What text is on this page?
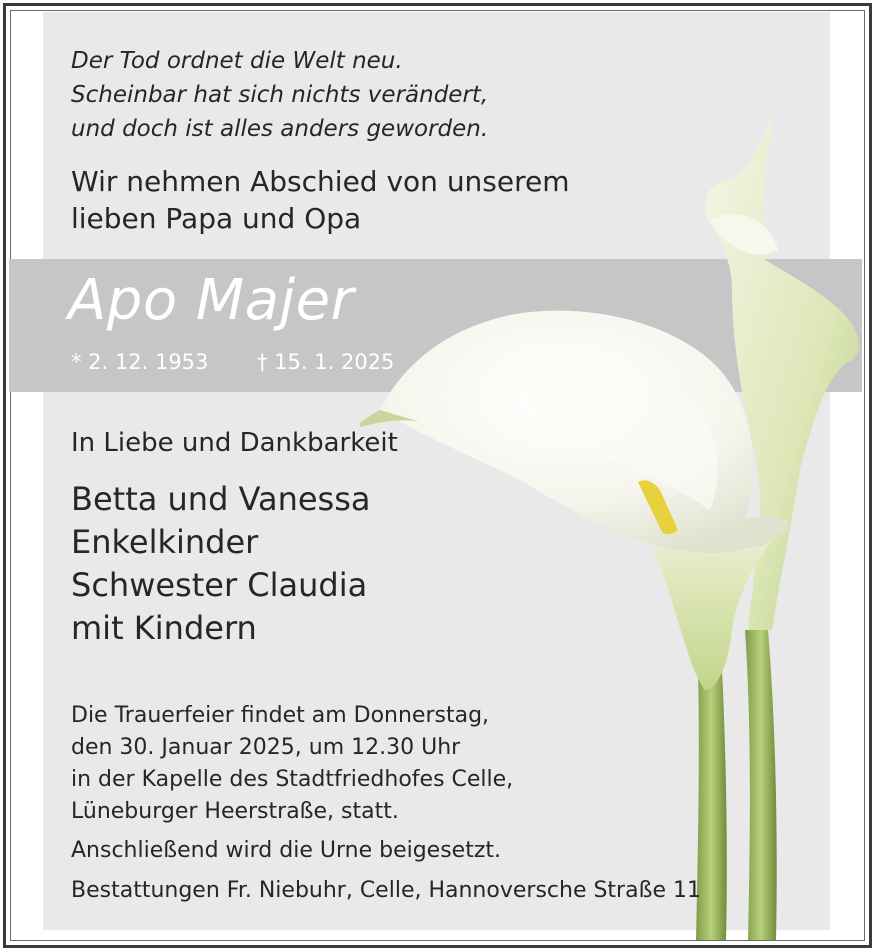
Der Tod ordnet die Welt neu.
Scheinbar hat sich nichts verändert,
und doch ist alles anders geworden.
Wir nehmen Abschied von unserem
lieben Papa und Opa
Apo Majer
* 2. 12. 1953 † 15. 1. 2025
In Liebe und Dankbarkeit
Betta und Vanessa
Enkelkinder
Schwester Claudia
mit Kindern
Die Trauerfeier findet am Donnerstag,
den 30. Januar 2025, um 12.30 Uhr
in der Kapelle des Stadtfriedhofes Celle,
Lüneburger Heerstraße, statt.
Anschließend wird die Urne beigesetzt.
Bestattungen Fr. Niebuhr, Celle, Hannoversche Straße 11
